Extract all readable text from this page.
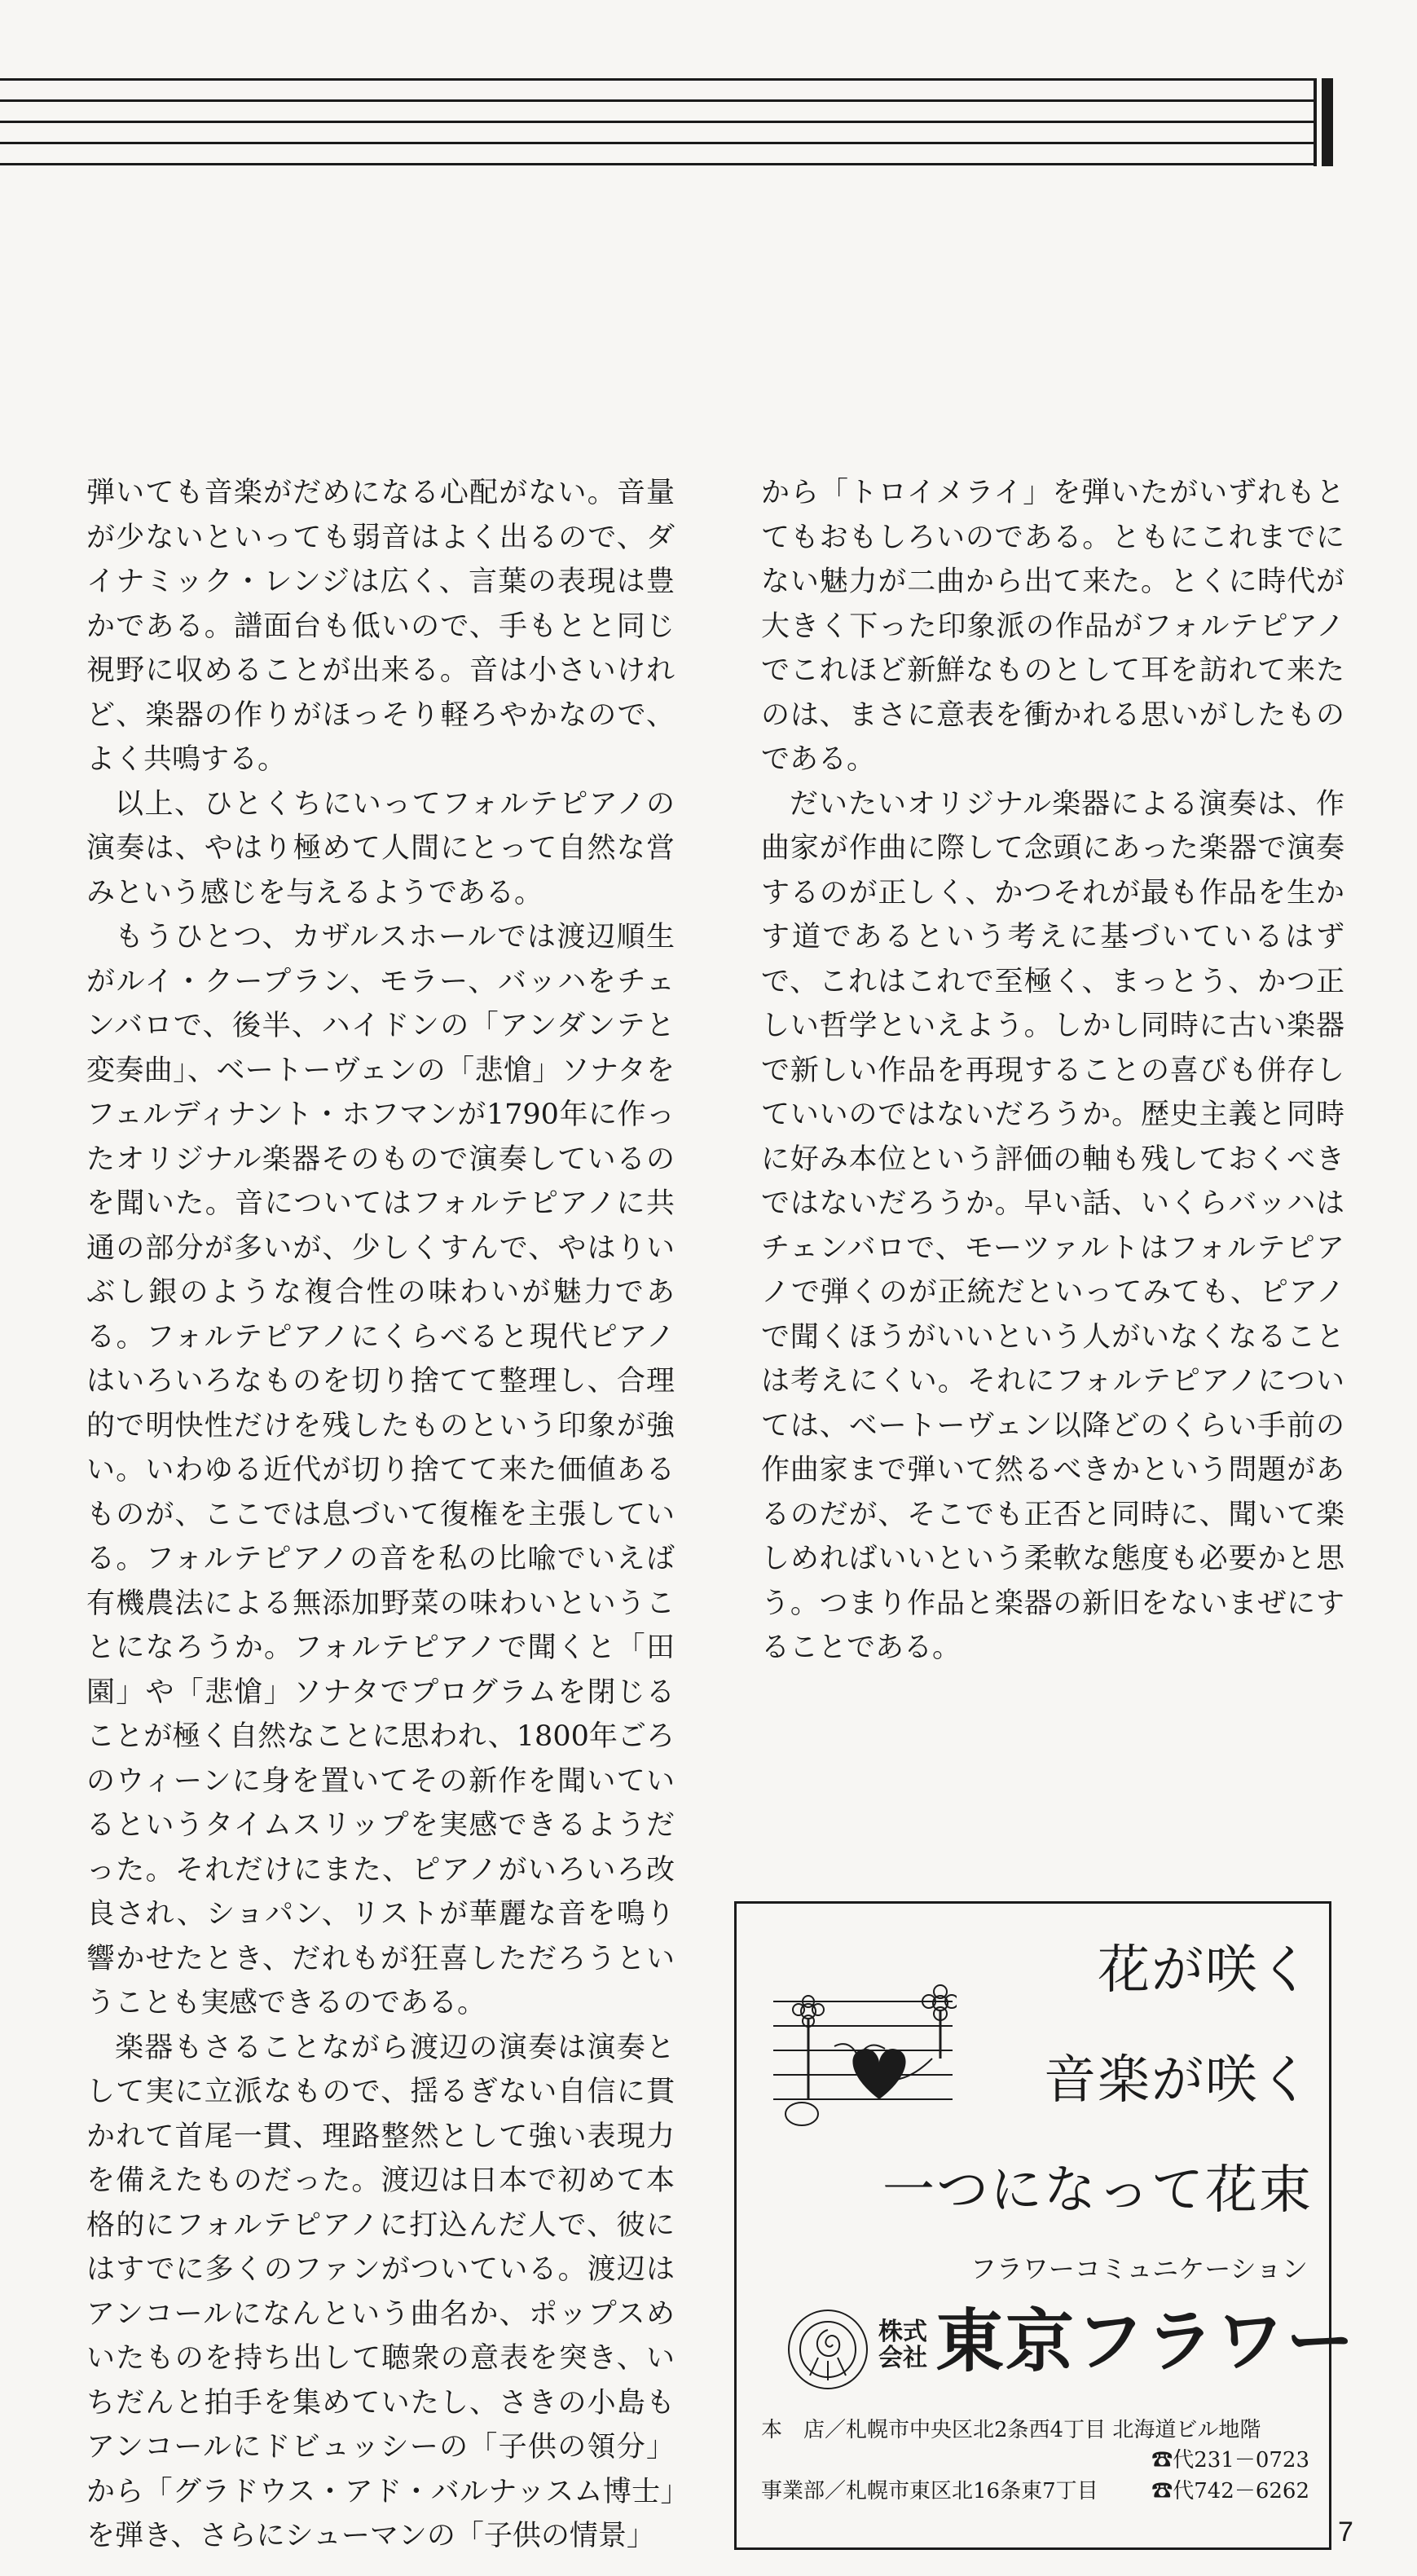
弾いても音楽がだめになる心配がない。音量が少ないといっても弱音はよく出るので、ダイナミック・レンジは広く、言葉の表現は豊かである。譜面台も低いので、手もとと同じ視野に収めることが出来る。音は小さいけれど、楽器の作りがほっそり軽ろやかなので、よく共鳴する。

以上、ひとくちにいってフォルテピアノの演奏は、やはり極めて人間にとって自然な営みという感じを与えるようである。

もうひとつ、カザルスホールでは渡辺順生がルイ・クープラン、モラー、バッハをチェンバロで、後半、ハイドンの「アンダンテと変奏曲」、ベートーヴェンの「悲愴」ソナタをフェルディナント・ホフマンが1790年に作ったオリジナル楽器そのもので演奏しているのを聞いた。音についてはフォルテピアノに共通の部分が多いが、少しくすんで、やはりいぶし銀のような複合性の味わいが魅力である。フォルテピアノにくらべると現代ピアノはいろいろなものを切り捨てて整理し、合理的で明快性だけを残したものという印象が強い。いわゆる近代が切り捨てて来た価値あるものが、ここでは息づいて復権を主張している。フォルテピアノの音を私の比喩でいえば有機農法による無添加野菜の味わいということになろうか。フォルテピアノで聞くと「田園」や「悲愴」ソナタでプログラムを閉じることが極く自然なことに思われ、1800年ごろのウィーンに身を置いてその新作を聞いているというタイムスリップを実感できるようだった。それだけにまた、ピアノがいろいろ改良され、ショパン、リストが華麗な音を鳴り響かせたとき、だれもが狂喜しただろうということも実感できるのである。

楽器もさることながら渡辺の演奏は演奏として実に立派なもので、揺るぎない自信に貫かれて首尾一貫、理路整然として強い表現力を備えたものだった。渡辺は日本で初めて本格的にフォルテピアノに打込んだ人で、彼にはすでに多くのファンがついている。渡辺はアンコールになんという曲名か、ポップスめいたものを持ち出して聴衆の意表を突き、いちだんと拍手を集めていたし、さきの小島もアンコールにドビュッシーの「子供の領分」から「グラドウス・アド・バルナッスム博士」を弾き、さらにシューマンの「子供の情景」

から「トロイメライ」を弾いたがいずれもとてもおもしろいのである。ともにこれまでにない魅力が二曲から出て来た。とくに時代が大きく下った印象派の作品がフォルテピアノでこれほど新鮮なものとして耳を訪れて来たのは、まさに意表を衝かれる思いがしたものである。

だいたいオリジナル楽器による演奏は、作曲家が作曲に際して念頭にあった楽器で演奏するのが正しく、かつそれが最も作品を生かす道であるという考えに基づいているはずで、これはこれで至極く、まっとう、かつ正しい哲学といえよう。しかし同時に古い楽器で新しい作品を再現することの喜びも併存していいのではないだろうか。歴史主義と同時に好み本位という評価の軸も残しておくべきではないだろうか。早い話、いくらバッハはチェンバロで、モーツァルトはフォルテピアノで弾くのが正統だといってみても、ピアノで聞くほうがいいという人がいなくなることは考えにくい。それにフォルテピアノについては、ベートーヴェン以降どのくらい手前の作曲家まで弾いて然るべきかという問題があるのだが、そこでも正否と同時に、聞いて楽しめればいいという柔軟な態度も必要かと思う。つまり作品と楽器の新旧をないまぜにすることである。

花が咲く
音楽が咲く
一つになって花束
フラワーコミュニケーション
株式会社 東京フラワー
本　店／札幌市中央区北2条西4丁目 北海道ビル地階
☎代231－0723
事業部／札幌市東区北16条東7丁目	☎代742－6262
7
